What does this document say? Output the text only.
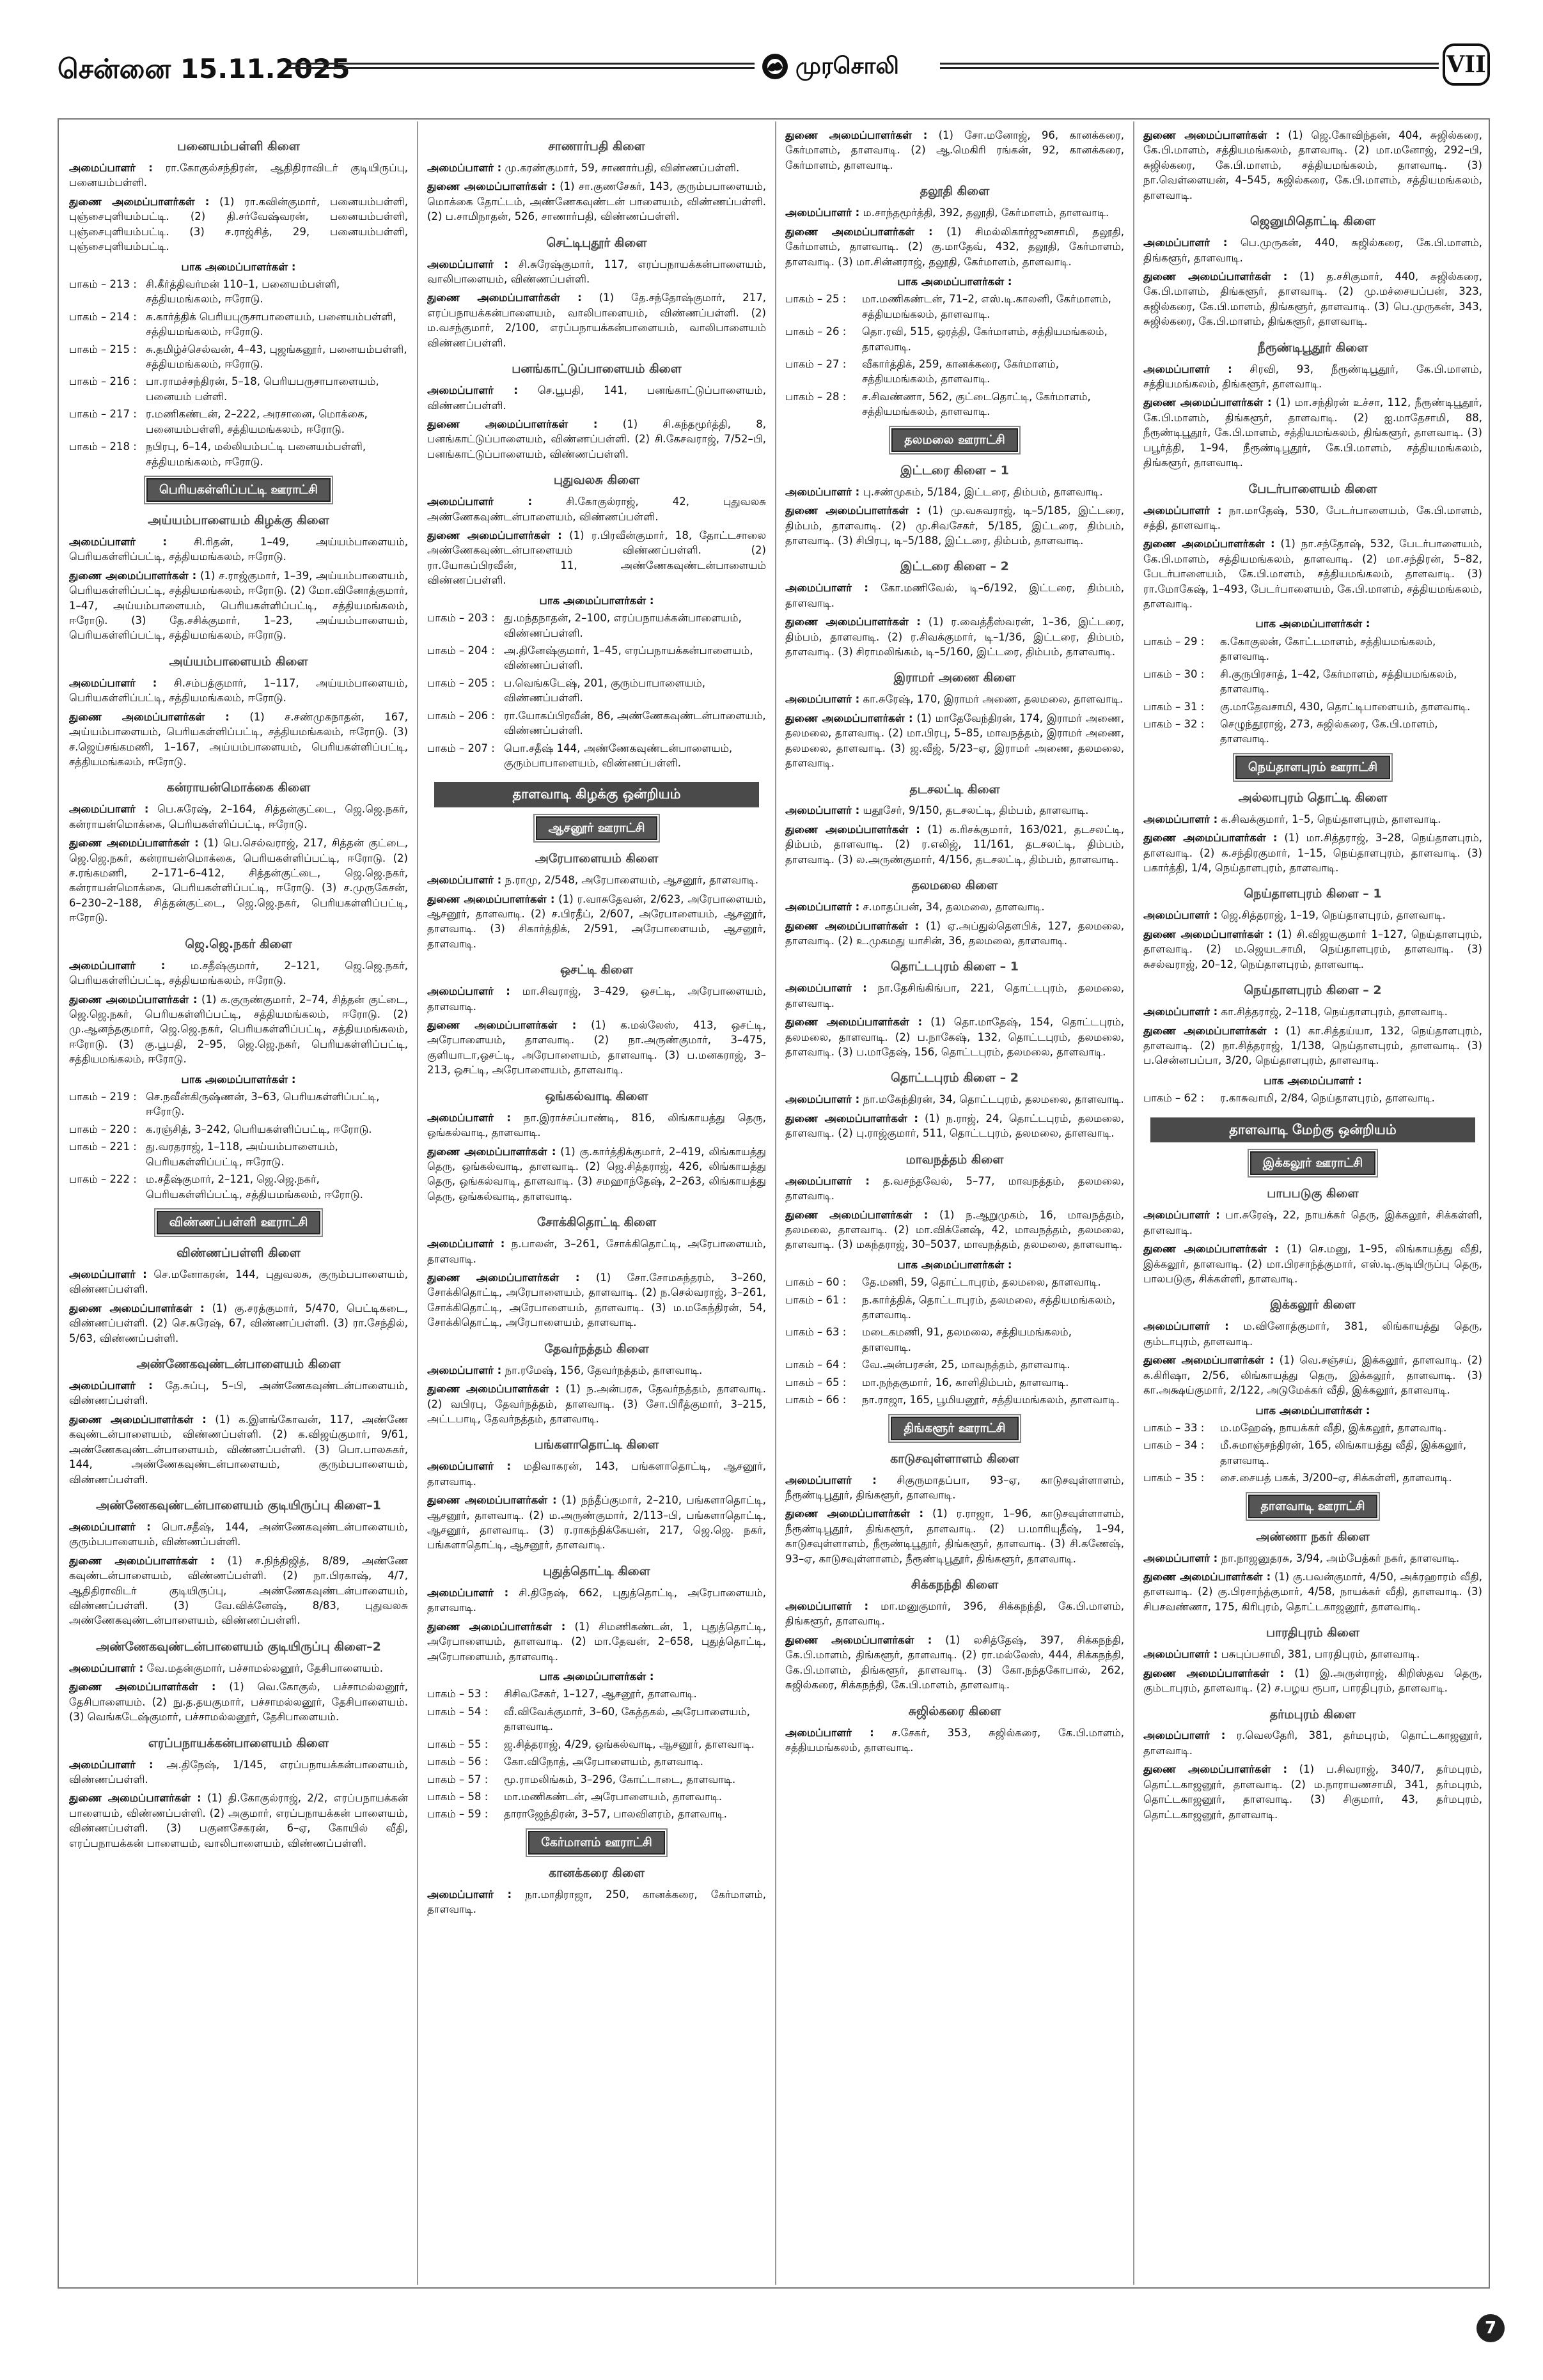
சென்னை 15.11.2025	முரசொலி	VII
பனையம்பள்ளி கிளை
அமைப்பாளர் : ரா.கோகுல்சந்திரன், ஆதிதிராவிடர் குடியிருப்பு, பனையம்பள்ளி.
துணை அமைப்பாளர்கள் : (1) ரா.கவின்குமார், பனையம்பள்ளி, புஞ்சைபுளியம்பட்டி. (2) தி.சர்வேஷ்வரன், பனையம்பள்ளி, புஞ்சைபுளியம்பட்டி. (3) ச.ராஜ்சித், 29, பனையம்பள்ளி, புஞ்சைபுளியம்பட்டி.
பாக அமைப்பாளர்கள் :
பாகம் – 213 : சி.கீர்த்திவர்மன் 110–1, பனையம்பள்ளி, சத்தியமங்கலம், ஈரோடு.
பாகம் – 214 : சு.கார்த்திக் பெரியபுருசாபாளையம், பனையம்பள்ளி, சத்தியமங்கலம், ஈரோடு.
பாகம் – 215 : சு.தமிழ்ச்செல்வன், 4–43, புஜங்கனூர், பனையம்பள்ளி, சத்தியமங்கலம், ஈரோடு.
பாகம் – 216 : பா.ராமச்சந்திரன், 5–18, பெரியபருசாபாளையம், பனையம் பள்ளி.
பாகம் – 217 : ர.மணிகண்டன், 2–222, அரசானை, மொக்கை, பனையம்பள்ளி, சத்தியமங்கலம், ஈரோடு.
பாகம் – 218 : நபிரபு, 6–14, மல்லியம்பட்டி பனையம்பள்ளி, சத்தியமங்கலம், ஈரோடு.
பெரியகள்ளிப்பட்டி ஊராட்சி
அய்யம்பாளையம் கிழக்கு கிளை
அமைப்பாளர் : சி.ரிதன், 1–49, அய்யம்பாளையம், பெரியகள்ளிப்பட்டி, சத்தியமங்கலம், ஈரோடு.
துணை அமைப்பாளர்கள் : (1) ச.ராஜ்குமார், 1–39, அய்யம்பாளையம், பெரியகள்ளிப்பட்டி, சத்தியமங்கலம், ஈரோடு. (2) மோ.வினோத்குமார், 1–47, அய்யம்பாளையம், பெரியகள்ளிப்பட்டி, சத்தியமங்கலம், ஈரோடு. (3) தே.சசிக்குமார், 1–23, அய்யம்பாளையம், பெரியகள்ளிப்பட்டி, சத்தியமங்கலம், ஈரோடு.
அய்யம்பாளையம் கிளை
அமைப்பாளர் : சி.சம்பத்குமார், 1–117, அய்யம்பாளையம், பெரியகள்ளிப்பட்டி, சத்தியமங்கலம், ஈரோடு.
துணை அமைப்பாளர்கள் : (1) ச.சண்முகநாதன், 167, அய்யம்பாளையம், பெரியகள்ளிப்பட்டி, சத்தியமங்கலம், ஈரோடு. (3) ச.ஜெய்சங்கமணி, 1–167, அய்யம்பாளையம், பெரியகள்ளிப்பட்டி, சத்தியமங்கலம், ஈரோடு.
கன்ராயன்மொக்கை கிளை
அமைப்பாளர் : பெ.சுரேஷ், 2–164, சித்தன்குட்டை, ஜெ.ஜெ.நகர், கன்ராயன்மொக்கை, பெரியகள்ளிப்பட்டி, ஈரோடு.
துணை அமைப்பாளர்கள் : (1) பெ.செல்வராஜ், 217, சித்தன் குட்டை, ஜெ.ஜெ.நகர், கன்ராயன்மொக்கை, பெரியகள்ளிப்பட்டி, ஈரோடு. (2) ச.ரங்கமணி, 2–171–6–412, சித்தன்குட்டை, ஜெ.ஜெ.நகர், கன்ராயன்மொக்கை, பெரியகள்ளிப்பட்டி, ஈரோடு. (3) ச.முருகேசன், 6–230–2–188, சித்தன்குட்டை, ஜெ.ஜெ.நகர், பெரியகள்ளிப்பட்டி, ஈரோடு.
ஜெ.ஜெ.நகர் கிளை
அமைப்பாளர் : ம.சதீஷ்குமார், 2–121, ஜெ.ஜெ.நகர், பெரியகள்ளிப்பட்டி, சத்தியமங்கலம், ஈரோடு.
துணை அமைப்பாளர்கள் : (1) க.குருண்குமார், 2–74, சித்தன் குட்டை, ஜெ.ஜெ.நகர், பெரியகள்ளிப்பட்டி, சத்தியமங்கலம், ஈரோடு. (2) மு.ஆனந்தகுமார், ஜெ.ஜெ.நகர், பெரியகள்ளிப்பட்டி, சத்தியமங்கலம், ஈரோடு. (3) கு.பூபதி, 2–95, ஜெ.ஜெ.நகர், பெரியகள்ளிப்பட்டி, சத்தியமங்கலம், ஈரோடு.
பாக அமைப்பாளர்கள் :
பாகம் – 219 : செ.நவீன்கிருஷ்ணன், 3–63, பெரியகள்ளிப்பட்டி, ஈரோடு.
பாகம் – 220 : க.ரஞ்சித், 3–242, பெரியகள்ளிப்பட்டி, ஈரோடு.
பாகம் – 221 : து.வரதராஜ், 1–118, அய்யம்பாளையம், பெரியகள்ளிப்பட்டி, ஈரோடு.
பாகம் – 222 : ம.சதீஷ்குமார், 2–121, ஜெ.ஜெ.நகர், பெரியகள்ளிப்பட்டி, சத்தியமங்கலம், ஈரோடு.
விண்ணப்பள்ளி ஊராட்சி
விண்ணப்பள்ளி கிளை
அமைப்பாளர் : செ.மனோகரன், 144, புதுவலசு, குரும்பபாளையம், விண்ணப்பள்ளி.
துணை அமைப்பாளர்கள் : (1) கு.சரத்குமார், 5/470, பெட்டிகடை, விண்ணப்பள்ளி. (2) செ.சுரேஷ், 67, விண்ணப்பள்ளி. (3) ரா.சேந்தில், 5/63, விண்ணப்பள்ளி.
அண்ணேகவுண்டன்பாளையம் கிளை
அமைப்பாளர் : தே.சுப்பு, 5–பி, அண்ணேகவுண்டன்பாளையம், விண்ணப்பள்ளி.
துணை அமைப்பாளர்கள் : (1) க.இளங்கோவன், 117, அண்ணே கவுண்டன்பாளையம், விண்ணப்பள்ளி. (2) க.விஜய்குமார், 9/61, அண்ணேகவுண்டன்பாளையம், விண்ணப்பள்ளி. (3) பொ.பாலசுகர், 144, அண்ணேகவுண்டன்பாளையம், குரும்பபாளையம், விண்ணப்பள்ளி.
அண்ணேகவுண்டன்பாளையம் குடியிருப்பு கிளை–1
அமைப்பாளர் : பொ.சதீஷ், 144, அண்ணேகவுண்டன்பாளையம், குரும்பபாளையம், விண்ணப்பள்ளி.
துணை அமைப்பாளர்கள் : (1) ச.நிந்திஜித், 8/89, அண்ணே கவுண்டன்பாளையம், விண்ணப்பள்ளி. (2) நா.பிரகாஷ், 4/7, ஆதிதிராவிடர் குடியிருப்பு, அண்ணேகவுண்டன்பாளையம், விண்ணப்பள்ளி. (3) வே.விக்னேஷ், 8/83, புதுவலசு அண்ணேகவுண்டன்பாளையம், விண்ணப்பள்ளி.
அண்ணேகவுண்டன்பாளையம் குடியிருப்பு கிளை–2
அமைப்பாளர் : வே.மதன்குமார், பச்சாமல்லனூர், தேசிபாளையம்.
துணை அமைப்பாளர்கள் : (1) வெ.கோகுல், பச்சாமல்லனூர், தேசிபாளையம். (2) நு.த.தயகுமார், பச்சாமல்லனூர், தேசிபாளையம். (3) வெங்கடேஷ்குமார், பச்சாமல்லனூர், தேசிபாளையம்.
எரப்பநாயக்கன்பாளையம் கிளை
அமைப்பாளர் : அ.திநேஷ், 1/145, எரப்பநாயக்கன்பாளையம், விண்ணப்பள்ளி.
துணை அமைப்பாளர்கள் : (1) தி.கோகுல்ராஜ், 2/2, எரப்பநாயக்கன் பாளையம், விண்ணப்பள்ளி. (2) அகுமார், எரப்பநாயக்கன் பாளையம், விண்ணப்பள்ளி. (3) பகுணசேகரன், 6–ஏ, கோயில் வீதி, எரப்பநாயக்கன் பாளையம், வாலிபாளையம், விண்ணப்பள்ளி.
சாணார்பதி கிளை
அமைப்பாளர் : மு.கரண்குமார், 59, சாணார்பதி, விண்ணப்பள்ளி.
துணை அமைப்பாளர்கள் : (1) சா.குணசேகர், 143, குரும்பபாளையம், மொக்கை தோட்டம், அண்ணேகவுண்டன் பாளையம், விண்ணப்பள்ளி. (2) ப.சாமிநாதன், 526, சாணார்பதி, விண்ணப்பள்ளி.
செட்டிபுதூர் கிளை
அமைப்பாளர் : சி.சுரேஷ்குமார், 117, எரப்பநாயக்கன்பாளையம், வாலிபாளையம், விண்ணப்பள்ளி.
துணை அமைப்பாளர்கள் : (1) தே.சந்தோஷ்குமார், 217, எரப்பநாயக்கன்பாளையம், வாலிபாளையம், விண்ணப்பள்ளி. (2) ம.வசந்குமார், 2/100, எரப்பநாயக்கன்பாளையம், வாலிபாளையம் விண்ணப்பள்ளி.
பனங்காட்டுப்பாளையம் கிளை
அமைப்பாளர் : செ.பூபதி, 141, பனங்காட்டுப்பாளையம், விண்ணப்பள்ளி.
துணை அமைப்பாளர்கள் : (1) சி.கந்தமூர்த்தி, 8, பனங்காட்டுப்பாளையம், விண்ணப்பள்ளி. (2) சி.கேசவராஜ், 7/52–பி, பனங்காட்டுப்பாளையம், விண்ணப்பள்ளி.
புதுவலசு கிளை
அமைப்பாளர் : சி.கோகுல்ராஜ், 42, புதுவலசு அண்ணேகவுண்டன்பாளையம், விண்ணப்பள்ளி.
துணை அமைப்பாளர்கள் : (1) ர.பிரவீன்குமார், 18, தோட்டசாலை அண்ணேகவுண்டன்பாளையம் விண்ணப்பள்ளி. (2) ரா.யோகப்பிரவீன், 11, அண்ணேகவுண்டன்பாளையம் விண்ணப்பள்ளி.
பாக அமைப்பாளர்கள் :
பாகம் – 203 : து.மந்தநாதன், 2–100, எரப்பநாயக்கன்பாளையம், விண்ணப்பள்ளி.
பாகம் – 204 : அ.தினேஷ்குமார், 1–45, எரப்பநாயக்கன்பாளையம், விண்ணப்பள்ளி.
பாகம் – 205 : ப.வெங்கடேஷ், 201, குரும்பாபாளையம், விண்ணப்பள்ளி.
பாகம் – 206 : ரா.யோகப்பிரவீன், 86, அண்ணேகவுண்டன்பாளையம், விண்ணப்பள்ளி.
பாகம் – 207 : பொ.சதீஷ் 144, அண்ணேகவுண்டன்பாளையம், குரும்பாபாளையம், விண்ணப்பள்ளி.
தாளவாடி கிழக்கு ஒன்றியம்
ஆசனூர் ஊராட்சி
அரேபாளையம் கிளை
அமைப்பாளர் : ந.ராமு, 2/548, அரேபாளையம், ஆசனூர், தாளவாடி.
துணை அமைப்பாளர்கள் : (1) ர.வாசுதேவன், 2/623, அரேபாளையம், ஆசனூர், தாளவாடி. (2) ச.பிரதீப், 2/607, அரேபாளையம், ஆசனூர், தாளவாடி. (3) சிகார்த்திக், 2/591, அரேபாளையம், ஆசனூர், தாளவாடி.
ஒசட்டி கிளை
அமைப்பாளர் : மா.சிவராஜ், 3–429, ஒசட்டி, அரேபாளையம், தாளவாடி.
துணை அமைப்பாளர்கள் : (1) க.மல்லேஸ், 413, ஒசட்டி, அரேபாளையம், தாளவாடி. (2) நா.அருண்குமார், 3–475, குளியாடா,ஒசட்டி, அரேபாளையம், தாளவாடி. (3) ப.மனகராஜ், 3–213, ஒசட்டி, அரேபாளையம், தாளவாடி.
ஒங்கல்வாடி கிளை
அமைப்பாளர் : நா.இராச்சப்பாண்டி, 816, லிங்காயத்து தெரு, ஒங்கல்வாடி, தாளவாடி.
துணை அமைப்பாளர்கள் : (1) கு.கார்த்திக்குமார், 2–419, லிங்காயத்து தெரு, ஒங்கல்வாடி, தாளவாடி. (2) ஜெ.சித்தராஜ், 426, லிங்காயத்து தெரு, ஒங்கல்வாடி, தாளவாடி. (3) சமஹாந்தேஷ், 2–263, லிங்காயத்து தெரு, ஒங்கல்வாடி, தாளவாடி.
சோக்கிதொட்டி கிளை
அமைப்பாளர் : ந.பாலன், 3–261, சோக்கிதொட்டி, அரேபாளையம், தாளவாடி.
துணை அமைப்பாளர்கள் : (1) சோ.சோமசுந்தரம், 3–260, சோக்கிதொட்டி, அரேபாளையம், தாளவாடி. (2) ந.செல்வராஜ், 3–261, சோக்கிதொட்டி, அரேபாளையம், தாளவாடி. (3) ம.மகேந்திரன், 54, சோக்கிதொட்டி, அரேபாளையம், தாளவாடி.
தேவர்நத்தம் கிளை
அமைப்பாளர் : நா.ரமேஷ், 156, தேவர்நத்தம், தாளவாடி.
துணை அமைப்பாளர்கள் : (1) ந.அன்பரசு, தேவர்நத்தம், தாளவாடி. (2) வபிரபு, தேவர்நத்தம், தாளவாடி. (3) சோ.பிரீத்குமார், 3–215, அட்டபாடி, தேவர்நத்தம், தாளவாடி.
பங்களாதொட்டி கிளை
அமைப்பாளர் : மதிவாகரன், 143, பங்களாதொட்டி, ஆசனூர், தாளவாடி.
துணை அமைப்பாளர்கள் : (1) நந்தீப்குமார், 2–210, பங்களாதொட்டி, ஆசனூர், தாளவாடி. (2) ம.அருண்குமார், 2/113–பி, பங்களாதொட்டி, ஆசனூர், தாளவாடி. (3) ர.ராகந்திக்கேயன், 217, ஜெ.ஜெ. நகர், பங்களாதொட்டி, ஆசனூர், தாளவாடி.
புதுத்தொட்டி கிளை
அமைப்பாளர் : சி.திநேஷ், 662, புதுத்தொட்டி, அரேபாளையம், தாளவாடி.
துணை அமைப்பாளர்கள் : (1) சிமணிகண்டன், 1, புதுத்தொட்டி, அரேபாளையம், தாளவாடி. (2) மா.தேவன், 2–658, புதுத்தொட்டி, அரேபாளையம், தாளவாடி.
பாக அமைப்பாளர்கள் :
பாகம் – 53 :	சிசிவசேகர், 1–127, ஆசனூர், தாளவாடி.
பாகம் – 54 :	வீ.விவேக்குமார், 3–60, கேத்தகல், அரேபாளையம், தாளவாடி.
பாகம் – 55 :	ஜ.சித்தராஜ், 4/29, ஒங்கல்வாடி, ஆசனூர், தாளவாடி.
பாகம் – 56 :	கோ.விநோத், அரேபாளையம், தாளவாடி.
பாகம் – 57 :	மூ.ராமலிங்கம், 3–296, கோட்டாடை, தாளவாடி.
பாகம் – 58 :	மா.மணிகண்டன், அரேபாளையம், தாளவாடி.
பாகம் – 59 :	தாராஜேந்திரன், 3–57, பாலவிளரம், தாளவாடி.
கேர்மாளம் ஊராட்சி
கானக்கரை கிளை
அமைப்பாளர் : நா.மாதிராஜா, 250, கானக்கரை, கேர்மாளம், தாளவாடி.
துணை அமைப்பாளர்கள் : (1) சோ.மனோஜ், 96, கானக்கரை, கேர்மாளம், தாளவாடி. (2) ஆ.மெகிரி ரங்கன், 92, கானக்கரை, கேர்மாளம், தாளவாடி.
தலூதி கிளை
அமைப்பாளர் : ம.சாந்தமூர்த்தி, 392, தலூதி, கேர்மாளம், தாளவாடி.
துணை அமைப்பாளர்கள் : (1) சிமல்லிகார்ஜுனசாமி, தலூதி, கேர்மாளம், தாளவாடி. (2) கு.மாதேவ், 432, தலூதி, கேர்மாளம், தாளவாடி. (3) மா.சின்னராஜ், தலூதி, கேர்மாளம், தாளவாடி.
பாக அமைப்பாளர்கள் :
பாகம் – 25 :	மா.மணிகண்டன், 71–2, எஸ்.டி.காலனி, கேர்மாளம், சத்தியமங்கலம், தாளவாடி.
பாகம் – 26 :	தொ.ரவி, 515, ஒரத்தி, கேர்மாளம், சத்தியமங்கலம், தாளவாடி.
பாகம் – 27 :	வீகார்த்திக், 259, கானக்கரை, கேர்மாளம், சத்தியமங்கலம், தாளவாடி.
பாகம் – 28 :	ச.சிவண்ணா, 562, குட்டைதொட்டி, கேர்மாளம், சத்தியமங்கலம், தாளவாடி.
தலமலை ஊராட்சி
இட்டரை கிளை – 1
அமைப்பாளர் : பு.சண்முகம், 5/184, இட்டரை, திம்பம், தாளவாடி.
துணை அமைப்பாளர்கள் : (1) மு.வசுவராஜ், டி–5/185, இட்டரை, திம்பம், தாளவாடி. (2) மு.சிவசேகர், 5/185, இட்டரை, திம்பம், தாளவாடி. (3) சிபிரபு, டி–5/188, இட்டரை, திம்பம், தாளவாடி.
இட்டரை கிளை – 2
அமைப்பாளர் : கோ.மணிவேல், டி–6/192, இட்டரை, திம்பம், தாளவாடி.
துணை அமைப்பாளர்கள் : (1) ர.வைத்தீஸ்வரன், 1–36, இட்டரை, திம்பம், தாளவாடி. (2) ர.சிவக்குமார், டி–1/36, இட்டரை, திம்பம், தாளவாடி. (3) சிராமலிங்கம், டி–5/160, இட்டரை, திம்பம், தாளவாடி.
இராமர் அணை கிளை
அமைப்பாளர் : கா.சுரேஷ், 170, இராமர் அணை, தலமலை, தாளவாடி.
துணை அமைப்பாளர்கள் : (1) மாதேவேந்திரன், 174, இராமர் அணை, தலமலை, தாளவாடி. (2) மா.பிரபு, 5–85, மாவநத்தம், இராமர் அணை, தலமலை, தாளவாடி. (3) ஜ.வீஜ், 5/23–ஏ, இராமர் அணை, தலமலை, தாளவாடி.
தடசலட்டி கிளை
அமைப்பாளர் : யதூசேர், 9/150, தடசலட்டி, திம்பம், தாளவாடி.
துணை அமைப்பாளர்கள் : (1) க.ரிசக்குமார், 163/021, தடசலட்டி, திம்பம், தாளவாடி. (2) ர.எலிஜ், 11/161, தடசலட்டி, திம்பம், தாளவாடி. (3) ல.அருண்குமார், 4/156, தடசலட்டி, திம்பம், தாளவாடி.
தலமலை கிளை
அமைப்பாளர் : ச.மாதப்பன், 34, தலமலை, தாளவாடி.
துணை அமைப்பாளர்கள் : (1) ஏ.அப்துல்தௌபிக், 127, தலமலை, தாளவாடி. (2) உ.முகமது யாசின், 36, தலமலை, தாளவாடி.
தொட்டபுரம் கிளை – 1
அமைப்பாளர் : நா.தேசிங்கிங்பா, 221, தொட்டபுரம், தலமலை, தாளவாடி.
துணை அமைப்பாளர்கள் : (1) தொ.மாதேஷ், 154, தொட்டபுரம், தலமலை, தாளவாடி. (2) ப.நாகேஷ், 132, தொட்டபுரம், தலமலை, தாளவாடி. (3) ப.மாதேஷ், 156, தொட்டபுரம், தலமலை, தாளவாடி.
தொட்டபுரம் கிளை – 2
அமைப்பாளர் : நா.மகேந்திரன், 34, தொட்டபுரம், தலமலை, தாளவாடி.
துணை அமைப்பாளர்கள் : (1) ந.ராஜ், 24, தொட்டபுரம், தலமலை, தாளவாடி. (2) பு.ராஜ்குமார், 511, தொட்டபுரம், தலமலை, தாளவாடி.
மாவநத்தம் கிளை
அமைப்பாளர் : த.வசந்தவேல், 5–77, மாவநத்தம், தலமலை, தாளவாடி.
துணை அமைப்பாளர்கள் : (1) ந.ஆறுமுகம், 16, மாவநத்தம், தலமலை, தாளவாடி. (2) மா.விக்னேஷ், 42, மாவநத்தம், தலமலை, தாளவாடி. (3) மகந்தராஜ், 30–5037, மாவநத்தம், தலமலை, தாளவாடி.
பாக அமைப்பாளர்கள் :
பாகம் – 60 :	தே.மணி, 59, தொட்டாபுரம், தலமலை, தாளவாடி.
பாகம் – 61 :	ந.கார்த்திக், தொட்டாபுரம், தலமலை, சத்தியமங்கலம், தாளவாடி.
பாகம் – 63 :	மடைகமணி, 91, தலமலை, சத்தியமங்கலம், தாளவாடி.
பாகம் – 64 :	வே.அன்பரசன், 25, மாவநத்தம், தாளவாடி.
பாகம் – 65 :	மா.நந்தகுமார், 16, காளிதிம்பம், தாளவாடி.
பாகம் – 66 :	நா.ராஜா, 165, பூமியனூர், சத்தியமங்கலம், தாளவாடி.
திங்களூர் ஊராட்சி
காடுசவுள்ளாளம் கிளை
அமைப்பாளர் : சிகுருமாதப்பா, 93–ஏ, காடுசவுள்ளாளம், நீரூண்டிபூதூர், திங்களூர், தாளவாடி.
துணை அமைப்பாளர்கள் : (1) ர.ராஜா, 1–96, காடுசவுள்ளாளம், நீரூண்டிபூதூர், திங்களூர், தாளவாடி. (2) ப.மாரியுதீஷ், 1–94, காடுசவுள்ளாளம், நீரூண்டிபூதூர், திங்களூர், தாளவாடி. (3) சி.கணேஷ், 93–ஏ, காடுசவுள்ளாளம், நீரூண்டிபூதூர், திங்களூர், தாளவாடி.
சிக்கநந்தி கிளை
அமைப்பாளர் : மா.மனுகுமார், 396, சிக்கநந்தி, கே.பி.மாளம், திங்களூர், தாளவாடி.
துணை அமைப்பாளர்கள் : (1) லசித்தேஷ், 397, சிக்கநந்தி, கே.பி.மாளம், திங்களூர், தாளவாடி. (2) ரா.மல்லேஸ், 444, சிக்கநந்தி, கே.பி.மாளம், திங்களூர், தாளவாடி. (3) கோ.நந்தகோபால், 262, சுஜில்கரை, சிக்கநந்தி, கே.பி.மாளம், தாளவாடி.
சுஜில்கரை கிளை
அமைப்பாளர் : ச.சேகர், 353, சுஜில்கரை, கே.பி.மாளம், சத்தியமங்கலம், தாளவாடி.
துணை அமைப்பாளர்கள் : (1) ஜெ.கோவிந்தன், 404, சுஜில்கரை, கே.பி.மாளம், சத்தியமங்கலம், தாளவாடி. (2) மா.மனோஜ், 292–பி, சுஜில்கரை, கே.பி.மாளம், சத்தியமங்கலம், தாளவாடி. (3) நா.வெள்ளையன், 4–545, சுஜில்கரை, கே.பி.மாளம், சத்தியமங்கலம், தாளவாடி.
ஜெனுமிதொட்டி கிளை
அமைப்பாளர் : பெ.முருகன், 440, சுஜில்கரை, கே.பி.மாளம், திங்களூர், தாளவாடி.
துணை அமைப்பாளர்கள் : (1) த.சசிகுமார், 440, சுஜில்கரை, கே.பி.மாளம், திங்களூர், தாளவாடி. (2) மு.மச்சையப்பன், 323, சுஜில்கரை, கே.பி.மாளம், திங்களூர், தாளவாடி. (3) பெ.முருகன், 343, சுஜில்கரை, கே.பி.மாளம், திங்களூர், தாளவாடி.
நீரூண்டிபூதூர் கிளை
அமைப்பாளர் : சிரவி, 93, நீரூண்டிபூதூர், கே.பி.மாளம், சத்தியமங்கலம், திங்களூர், தாளவாடி.
துணை அமைப்பாளர்கள் : (1) மா.சந்திரன் உச்சா, 112, நீரூண்டிபூதூர், கே.பி.மாளம், திங்களூர், தாளவாடி. (2) ஐ.மாதேசாமி, 88, நீரூண்டிபூதூர், கே.பி.மாளம், சத்தியமங்கலம், திங்களூர், தாளவாடி. (3) பபூர்த்தி, 1–94, நீரூண்டிபூதூர், கே.பி.மாளம், சத்தியமங்கலம், திங்களூர், தாளவாடி.
பேடர்பாளையம் கிளை
அமைப்பாளர் : நா.மாதேஷ், 530, பேடர்பாளையம், கே.பி.மாளம், சத்தி, தாளவாடி.
துணை அமைப்பாளர்கள் : (1) நா.சந்தோஷ், 532, பேடர்பாளையம், கே.பி.மாளம், சத்தியமங்கலம், தாளவாடி. (2) மா.சந்திரன், 5–82, பேடர்பாளையம், கே.பி.மாளம், சத்தியமங்கலம், தாளவாடி. (3) ரா.மோகேஷ், 1–493, பேடர்பாளையம், கே.பி.மாளம், சத்தியமங்கலம், தாளவாடி.
பாக அமைப்பாளர்கள் :
பாகம் – 29 :	க.கோகுலன், கோட்டமாளம், சத்தியமங்கலம், தாளவாடி.
பாகம் – 30 :	சி.குருபிரசாத், 1–42, கேர்மாளம், சத்தியமங்கலம், தாளவாடி.
பாகம் – 31 :	கு.மாதேவசாமி, 430, தொட்டிபாளையம், தாளவாடி.
பாகம் – 32 :	செழுந்தூராஜ், 273, சுஜில்கரை, கே.பி.மாளம், தாளவாடி.
நெய்தாளபுரம் ஊராட்சி
அல்லாபுரம் தொட்டி கிளை
அமைப்பாளர் : க.சிவக்குமார், 1–5, நெய்தாளபுரம், தாளவாடி.
துணை அமைப்பாளர்கள் : (1) மா.சித்தராஜ், 3–28, நெய்தாளபுரம், தாளவாடி. (2) க.சந்திரகுமார், 1–15, நெய்தாளபுரம், தாளவாடி. (3) பகார்த்தி, 1/4, நெய்தாளபுரம், தாளவாடி.
நெய்தாளபுரம் கிளை – 1
அமைப்பாளர் : ஜெ.சித்தராஜ், 1–19, நெய்தாளபுரம், தாளவாடி.
துணை அமைப்பாளர்கள் : (1) சி.விஜயகுமார் 1–127, நெய்தாளபுரம், தாளவாடி. (2) ம.ஜெயடசாமி, நெய்தாளபுரம், தாளவாடி. (3) சுசல்வராஜ், 20–12, நெய்தாளபுரம், தாளவாடி.
நெய்தாளபுரம் கிளை – 2
அமைப்பாளர் : கா.சித்தராஜ், 2–118, நெய்தாளபுரம், தாளவாடி.
துணை அமைப்பாளர்கள் : (1) கா.சித்தய்யா, 132, நெய்தாளபுரம், தாளவாடி. (2) நா.சித்தராஜ், 1/138, நெய்தாளபுரம், தாளவாடி. (3) ப.சென்னபப்பா, 3/20, நெய்தாளபுரம், தாளவாடி.
பாக அமைப்பாளர் :
பாகம் – 62 :	ர.காசுவாமி, 2/84, நெய்தாளபுரம், தாளவாடி.
தாளவாடி மேற்கு ஒன்றியம்
இக்கலூர் ஊராட்சி
பாபபடுகு கிளை
அமைப்பாளர் : பா.சுரேஷ், 22, நாயக்கர் தெரு, இக்கலூர், சிக்கள்ளி, தாளவாடி.
துணை அமைப்பாளர்கள் : (1) செ.மனு, 1–95, லிங்காயத்து வீதி, இக்கலூர், தாளவாடி. (2) மா.பிரசாந்த்குமார், எஸ்.டி.குடியிருப்பு தெரு, பாலபடுகு, சிக்கள்ளி, தாளவாடி.
இக்கலூர் கிளை
அமைப்பாளர் : ம.வினோத்குமார், 381, லிங்காயத்து தெரு, கும்டாபுரம், தாளவாடி.
துணை அமைப்பாளர்கள் : (1) வெ.சஞ்சய், இக்கலூர், தாளவாடி. (2) க.கிரிஷா, 2/56, லிங்காயத்து தெரு, இக்கலூர், தாளவாடி. (3) கா.அக்ஷய்குமார், 2/122, அடுமேக்கர் வீதி, இக்கலூர், தாளவாடி.
பாக அமைப்பாளர்கள் :
பாகம் – 33 :	ம.மஹேஷ், நாயக்கர் வீதி, இக்கலூர், தாளவாடி.
பாகம் – 34 :	மீ.சுமாஞ்சந்திரன், 165, லிங்காயத்து வீதி, இக்கலூர், தாளவாடி.
பாகம் – 35 :	சை.சையத் பகக், 3/200–ஏ, சிக்கள்ளி, தாளவாடி.
தாளவாடி ஊராட்சி
அண்ணா நகர் கிளை
அமைப்பாளர் : நா.நாஜனுதரசு, 3/94, அம்பேத்கர் நகர், தாளவாடி.
துணை அமைப்பாளர்கள் : (1) கு.பவன்குமார், 4/50, அக்ரஹாரம் வீதி, தாளவாடி. (2) கு.பிரசாந்த்குமார், 4/58, நாயக்கர் வீதி, தாளவாடி. (3) சிபசவண்ணா, 175, கிரிபுரம், தொட்டகாஜனூர், தாளவாடி.
பாரதிபுரம் கிளை
அமைப்பாளர் : பசுபுப்பசாமி, 381, பாரதிபுரம், தாளவாடி.
துணை அமைப்பாளர்கள் : (1) இ.அருள்ராஜ், கிறிஸ்தவ தெரு, கும்டாபுரம், தாளவாடி. (2) ச.பழய ரூபா, பாரதிபுரம், தாளவாடி.
தர்மபுரம் கிளை
அமைப்பாளர் : ர.வெலதேரி, 381, தர்மபுரம், தொட்டகாஜனூர், தாளவாடி.
துணை அமைப்பாளர்கள் : (1) ப.சிவராஜ், 340/7, தர்மபுரம், தொட்டகாஜனூர், தாளவாடி. (2) ம.நாராயணசாமி, 341, தர்மபுரம், தொட்டகாஜனூர், தாளவாடி. (3) சிகுமார், 43, தர்மபுரம், தொட்டகாஜனூர், தாளவாடி.
7
